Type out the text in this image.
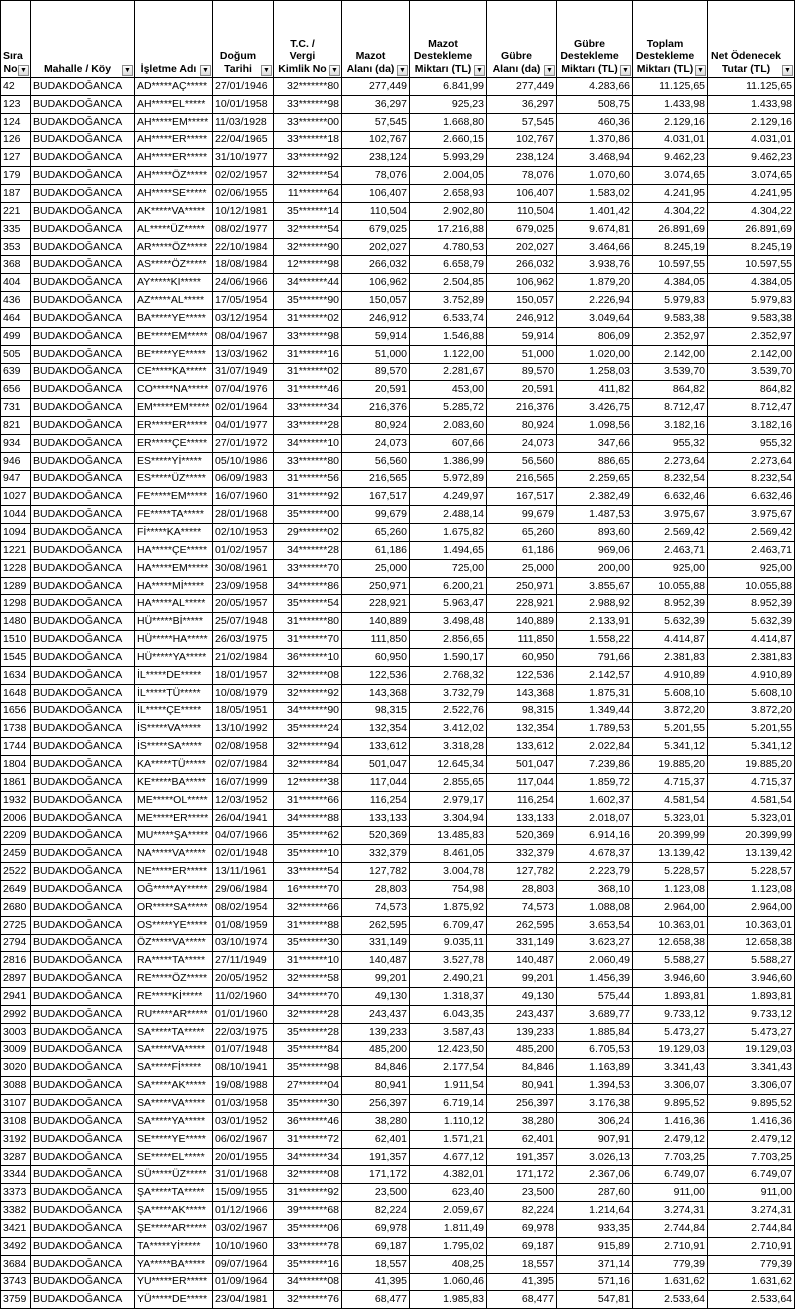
Sıra No ▼	Mahalle / Köy ▼	İşletme Adı ▼	Doğum Tarihi ▼	T.C. / Vergi Kimlik No ▼	Mazot Alanı (da) ▼	Mazot Destekleme Miktarı (TL) ▼	Gübre Alanı (da) ▼	Gübre Destekleme Miktarı (TL) ▼	Toplam Destekleme Miktarı (TL) ▼	Net Ödenecek Tutar (TL) ▼

42	BUDAKDOĞANCA	AD*****AÇ*****	27/01/1946	32*******80	277,449	6.841,99	277,449	4.283,66	11.125,65	11.125,65
123	BUDAKDOĞANCA	AH*****EL*****	10/01/1958	33*******98	36,297	925,23	36,297	508,75	1.433,98	1.433,98
124	BUDAKDOĞANCA	AH*****EM*****	11/03/1928	33*******00	57,545	1.668,80	57,545	460,36	2.129,16	2.129,16
126	BUDAKDOĞANCA	AH*****ER*****	22/04/1965	33*******18	102,767	2.660,15	102,767	1.370,86	4.031,01	4.031,01
127	BUDAKDOĞANCA	AH*****ER*****	31/10/1977	33*******92	238,124	5.993,29	238,124	3.468,94	9.462,23	9.462,23
179	BUDAKDOĞANCA	AH*****ÖZ*****	02/02/1957	32*******54	78,076	2.004,05	78,076	1.070,60	3.074,65	3.074,65
187	BUDAKDOĞANCA	AH*****SE*****	02/06/1955	11*******64	106,407	2.658,93	106,407	1.583,02	4.241,95	4.241,95
221	BUDAKDOĞANCA	AK*****VA*****	10/12/1981	35*******14	110,504	2.902,80	110,504	1.401,42	4.304,22	4.304,22
335	BUDAKDOĞANCA	AL*****ÜZ*****	08/02/1977	32*******54	679,025	17.216,88	679,025	9.674,81	26.891,69	26.891,69
353	BUDAKDOĞANCA	AR*****ÖZ*****	22/10/1984	32*******90	202,027	4.780,53	202,027	3.464,66	8.245,19	8.245,19
368	BUDAKDOĞANCA	AS*****ÖZ*****	18/08/1984	12*******98	266,032	6.658,79	266,032	3.938,76	10.597,55	10.597,55
404	BUDAKDOĞANCA	AY*****KI*****	24/06/1966	34*******44	106,962	2.504,85	106,962	1.879,20	4.384,05	4.384,05
436	BUDAKDOĞANCA	AZ*****AL*****	17/05/1954	35*******90	150,057	3.752,89	150,057	2.226,94	5.979,83	5.979,83
464	BUDAKDOĞANCA	BA*****YE*****	03/12/1954	31*******02	246,912	6.533,74	246,912	3.049,64	9.583,38	9.583,38
499	BUDAKDOĞANCA	BE*****EM*****	08/04/1967	33*******98	59,914	1.546,88	59,914	806,09	2.352,97	2.352,97
505	BUDAKDOĞANCA	BE*****YE*****	13/03/1962	31*******16	51,000	1.122,00	51,000	1.020,00	2.142,00	2.142,00
639	BUDAKDOĞANCA	CE*****KA*****	31/07/1949	31*******02	89,570	2.281,67	89,570	1.258,03	3.539,70	3.539,70
656	BUDAKDOĞANCA	CO*****NA*****	07/04/1976	31*******46	20,591	453,00	20,591	411,82	864,82	864,82
731	BUDAKDOĞANCA	EM*****EM*****	02/01/1964	33*******34	216,376	5.285,72	216,376	3.426,75	8.712,47	8.712,47
821	BUDAKDOĞANCA	ER*****ER*****	04/01/1977	33*******28	80,924	2.083,60	80,924	1.098,56	3.182,16	3.182,16
934	BUDAKDOĞANCA	ER*****ÇE*****	27/01/1972	34*******10	24,073	607,66	24,073	347,66	955,32	955,32
946	BUDAKDOĞANCA	ES*****Yİ*****	05/10/1986	33*******80	56,560	1.386,99	56,560	886,65	2.273,64	2.273,64
947	BUDAKDOĞANCA	ES*****ÜZ*****	06/09/1983	31*******56	216,565	5.972,89	216,565	2.259,65	8.232,54	8.232,54
1027	BUDAKDOĞANCA	FE*****EM*****	16/07/1960	31*******92	167,517	4.249,97	167,517	2.382,49	6.632,46	6.632,46
1044	BUDAKDOĞANCA	FE*****TA*****	28/01/1968	35*******00	99,679	2.488,14	99,679	1.487,53	3.975,67	3.975,67
1094	BUDAKDOĞANCA	Fİ*****KA*****	02/10/1953	29*******02	65,260	1.675,82	65,260	893,60	2.569,42	2.569,42
1221	BUDAKDOĞANCA	HA*****ÇE*****	01/02/1957	34*******28	61,186	1.494,65	61,186	969,06	2.463,71	2.463,71
1228	BUDAKDOĞANCA	HA*****EM*****	30/08/1961	33*******70	25,000	725,00	25,000	200,00	925,00	925,00
1289	BUDAKDOĞANCA	HA*****Mİ*****	23/09/1958	34*******86	250,971	6.200,21	250,971	3.855,67	10.055,88	10.055,88
1298	BUDAKDOĞANCA	HA*****AL*****	20/05/1957	35*******54	228,921	5.963,47	228,921	2.988,92	8.952,39	8.952,39
1480	BUDAKDOĞANCA	HÜ*****Bİ*****	25/07/1948	31*******80	140,889	3.498,48	140,889	2.133,91	5.632,39	5.632,39
1510	BUDAKDOĞANCA	HÜ*****HA*****	26/03/1975	31*******70	111,850	2.856,65	111,850	1.558,22	4.414,87	4.414,87
1545	BUDAKDOĞANCA	HÜ*****YA*****	21/02/1984	36*******10	60,950	1.590,17	60,950	791,66	2.381,83	2.381,83
1634	BUDAKDOĞANCA	İL*****DE*****	18/01/1957	32*******08	122,536	2.768,32	122,536	2.142,57	4.910,89	4.910,89
1648	BUDAKDOĞANCA	İL*****TÜ*****	10/08/1979	32*******92	143,368	3.732,79	143,368	1.875,31	5.608,10	5.608,10
1656	BUDAKDOĞANCA	İL*****ÇE*****	18/05/1951	34*******90	98,315	2.522,76	98,315	1.349,44	3.872,20	3.872,20
1738	BUDAKDOĞANCA	İS*****VA*****	13/10/1992	35*******24	132,354	3.412,02	132,354	1.789,53	5.201,55	5.201,55
1744	BUDAKDOĞANCA	İS*****SA*****	02/08/1958	32*******94	133,612	3.318,28	133,612	2.022,84	5.341,12	5.341,12
1804	BUDAKDOĞANCA	KA*****TÜ*****	02/07/1984	32*******84	501,047	12.645,34	501,047	7.239,86	19.885,20	19.885,20
1861	BUDAKDOĞANCA	KE*****BA*****	16/07/1999	12*******38	117,044	2.855,65	117,044	1.859,72	4.715,37	4.715,37
1932	BUDAKDOĞANCA	ME*****OL*****	12/03/1952	31*******66	116,254	2.979,17	116,254	1.602,37	4.581,54	4.581,54
2006	BUDAKDOĞANCA	ME*****ER*****	26/04/1941	34*******88	133,133	3.304,94	133,133	2.018,07	5.323,01	5.323,01
2209	BUDAKDOĞANCA	MU*****ŞA*****	04/07/1966	35*******62	520,369	13.485,83	520,369	6.914,16	20.399,99	20.399,99
2459	BUDAKDOĞANCA	NA*****VA*****	02/01/1948	35*******10	332,379	8.461,05	332,379	4.678,37	13.139,42	13.139,42
2522	BUDAKDOĞANCA	NE*****ER*****	13/11/1961	33*******54	127,782	3.004,78	127,782	2.223,79	5.228,57	5.228,57
2649	BUDAKDOĞANCA	OĞ*****AY*****	29/06/1984	16*******70	28,803	754,98	28,803	368,10	1.123,08	1.123,08
2680	BUDAKDOĞANCA	OR*****SA*****	08/02/1954	32*******66	74,573	1.875,92	74,573	1.088,08	2.964,00	2.964,00
2725	BUDAKDOĞANCA	OS*****YE*****	01/08/1959	31*******88	262,595	6.709,47	262,595	3.653,54	10.363,01	10.363,01
2794	BUDAKDOĞANCA	ÖZ*****VA*****	03/10/1974	35*******30	331,149	9.035,11	331,149	3.623,27	12.658,38	12.658,38
2816	BUDAKDOĞANCA	RA*****TA*****	27/11/1949	31*******10	140,487	3.527,78	140,487	2.060,49	5.588,27	5.588,27
2897	BUDAKDOĞANCA	RE*****ÖZ*****	20/05/1952	32*******58	99,201	2.490,21	99,201	1.456,39	3.946,60	3.946,60
2941	BUDAKDOĞANCA	RE*****Kİ*****	11/02/1960	34*******70	49,130	1.318,37	49,130	575,44	1.893,81	1.893,81
2992	BUDAKDOĞANCA	RU*****AR*****	01/01/1960	32*******28	243,437	6.043,35	243,437	3.689,77	9.733,12	9.733,12
3003	BUDAKDOĞANCA	SA*****TA*****	22/03/1975	35*******28	139,233	3.587,43	139,233	1.885,84	5.473,27	5.473,27
3009	BUDAKDOĞANCA	SA*****VA*****	01/07/1948	35*******84	485,200	12.423,50	485,200	6.705,53	19.129,03	19.129,03
3020	BUDAKDOĞANCA	SA*****Fİ*****	08/10/1941	35*******98	84,846	2.177,54	84,846	1.163,89	3.341,43	3.341,43
3088	BUDAKDOĞANCA	SA*****AK*****	19/08/1988	27*******04	80,941	1.911,54	80,941	1.394,53	3.306,07	3.306,07
3107	BUDAKDOĞANCA	SA*****VA*****	01/03/1958	35*******30	256,397	6.719,14	256,397	3.176,38	9.895,52	9.895,52
3108	BUDAKDOĞANCA	SA*****YA*****	03/01/1952	36*******46	38,280	1.110,12	38,280	306,24	1.416,36	1.416,36
3192	BUDAKDOĞANCA	SE*****YE*****	06/02/1967	31*******72	62,401	1.571,21	62,401	907,91	2.479,12	2.479,12
3287	BUDAKDOĞANCA	SE*****EL*****	20/01/1955	34*******34	191,357	4.677,12	191,357	3.026,13	7.703,25	7.703,25
3344	BUDAKDOĞANCA	SÜ*****ÜZ*****	31/01/1968	32*******08	171,172	4.382,01	171,172	2.367,06	6.749,07	6.749,07
3373	BUDAKDOĞANCA	ŞA*****TA*****	15/09/1955	31*******92	23,500	623,40	23,500	287,60	911,00	911,00
3382	BUDAKDOĞANCA	ŞA*****AK*****	01/12/1966	39*******68	82,224	2.059,67	82,224	1.214,64	3.274,31	3.274,31
3421	BUDAKDOĞANCA	ŞE*****AR*****	03/02/1967	35*******06	69,978	1.811,49	69,978	933,35	2.744,84	2.744,84
3492	BUDAKDOĞANCA	TA*****Yİ*****	10/10/1960	33*******78	69,187	1.795,02	69,187	915,89	2.710,91	2.710,91
3684	BUDAKDOĞANCA	YA*****BA*****	09/07/1964	35*******16	18,557	408,25	18,557	371,14	779,39	779,39
3743	BUDAKDOĞANCA	YU*****ER*****	01/09/1964	34*******08	41,395	1.060,46	41,395	571,16	1.631,62	1.631,62
3759	BUDAKDOĞANCA	YÜ*****DE*****	23/04/1981	32*******76	68,477	1.985,83	68,477	547,81	2.533,64	2.533,64
